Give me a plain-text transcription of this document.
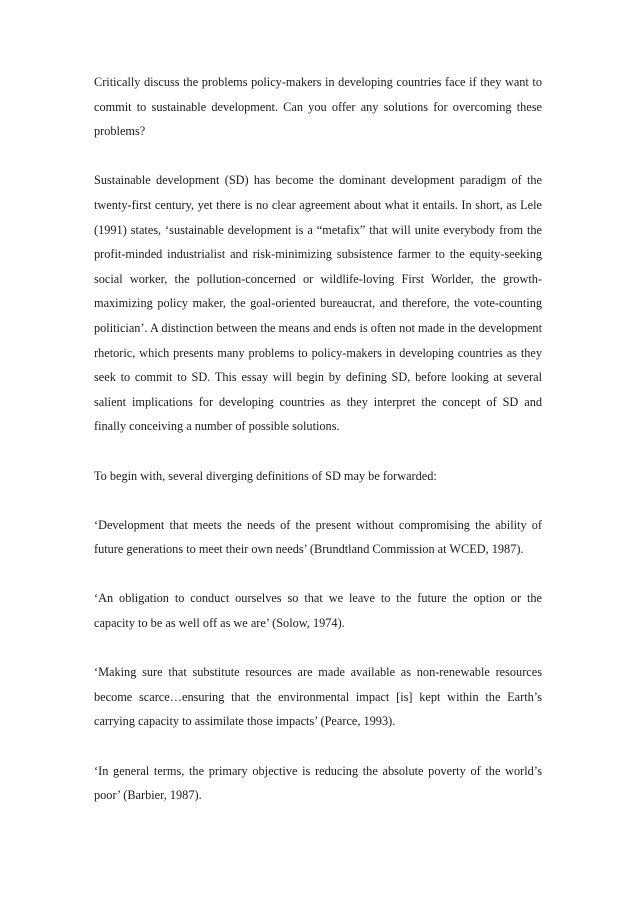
Critically discuss the problems policy-makers in developing countries face if they want to commit to sustainable development. Can you offer any solutions for overcoming these problems?

Sustainable development (SD) has become the dominant development paradigm of the twenty-first century, yet there is no clear agreement about what it entails. In short, as Lele (1991) states, ‘sustainable development is a “metafix” that will unite everybody from the profit-minded industrialist and risk-minimizing subsistence farmer to the equity-seeking social worker, the pollution-concerned or wildlife-loving First Worlder, the growth-maximizing policy maker, the goal-oriented bureaucrat, and therefore, the vote-counting politician’. A distinction between the means and ends is often not made in the development rhetoric, which presents many problems to policy-makers in developing countries as they seek to commit to SD. This essay will begin by defining SD, before looking at several salient implications for developing countries as they interpret the concept of SD and finally conceiving a number of possible solutions.

To begin with, several diverging definitions of SD may be forwarded:

‘Development that meets the needs of the present without compromising the ability of future generations to meet their own needs’ (Brundtland Commission at WCED, 1987).

‘An obligation to conduct ourselves so that we leave to the future the option or the capacity to be as well off as we are’ (Solow, 1974).

‘Making sure that substitute resources are made available as non-renewable resources become scarce…ensuring that the environmental impact [is] kept within the Earth’s carrying capacity to assimilate those impacts’ (Pearce, 1993).

‘In general terms, the primary objective is reducing the absolute poverty of the world’s poor’ (Barbier, 1987).
